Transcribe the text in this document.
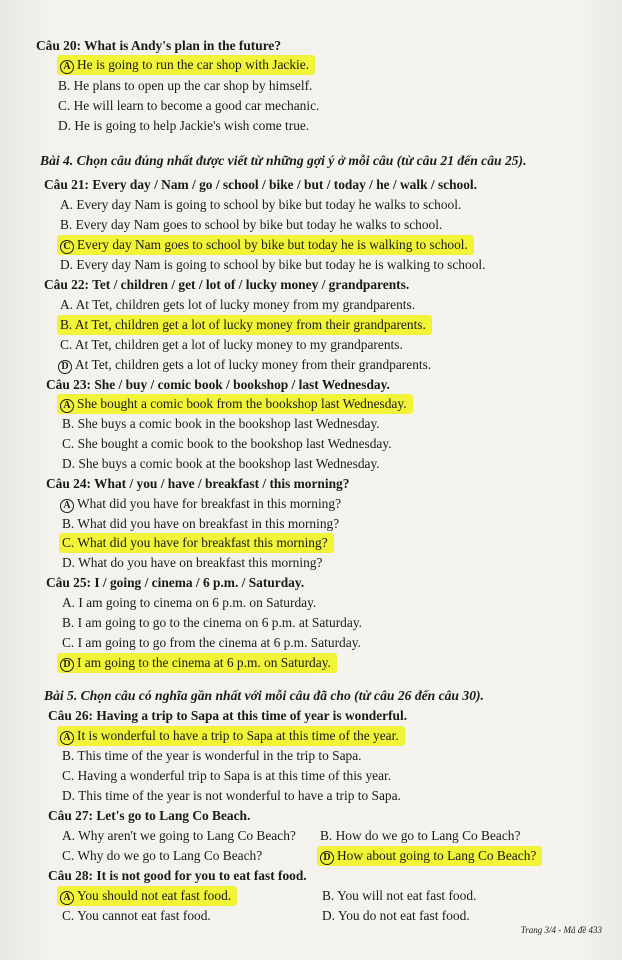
Câu 20: What is Andy's plan in the future?
A He is going to run the car shop with Jackie.
B. He plans to open up the car shop by himself.
C. He will learn to become a good car mechanic.
D. He is going to help Jackie's wish come true.
Bài 4. Chọn câu đúng nhất được viết từ những gợi ý ở mỗi câu (từ câu 21 đến câu 25).
Câu 21: Every day / Nam / go / school / bike / but / today / he / walk / school.
A. Every day Nam is going to school by bike but today he walks to school.
B. Every day Nam goes to school by bike but today he walks to school.
C Every day Nam goes to school by bike but today he is walking to school.
D. Every day Nam is going to school by bike but today he is walking to school.
Câu 22: Tet / children / get / lot of / lucky money / grandparents.
A. At Tet, children gets lot of lucky money from my grandparents.
B. At Tet, children get a lot of lucky money from their grandparents.
C. At Tet, children get a lot of lucky money to my grandparents.
D At Tet, children gets a lot of lucky money from their grandparents.
Câu 23: She / buy / comic book / bookshop / last Wednesday.
A She bought a comic book from the bookshop last Wednesday.
B. She buys a comic book in the bookshop last Wednesday.
C. She bought a comic book to the bookshop last Wednesday.
D. She buys a comic book at the bookshop last Wednesday.
Câu 24: What / you / have / breakfast / this morning?
A What did you have for breakfast in this morning?
B. What did you have on breakfast in this morning?
C. What did you have for breakfast this morning?
D. What do you have on breakfast this morning?
Câu 25: I / going / cinema / 6 p.m. / Saturday.
A. I am going to cinema on 6 p.m. on Saturday.
B. I am going to go to the cinema on 6 p.m. at Saturday.
C. I am going to go from the cinema at 6 p.m. Saturday.
D I am going to the cinema at 6 p.m. on Saturday.
Bài 5. Chọn câu có nghĩa gần nhất với mỗi câu đã cho (từ câu 26 đến câu 30).
Câu 26: Having a trip to Sapa at this time of year is wonderful.
A It is wonderful to have a trip to Sapa at this time of the year.
B. This time of the year is wonderful in the trip to Sapa.
C. Having a wonderful trip to Sapa is at this time of this year.
D. This time of the year is not wonderful to have a trip to Sapa.
Câu 27: Let's go to Lang Co Beach.
A. Why aren't we going to Lang Co Beach? B. How do we go to Lang Co Beach?
C. Why do we go to Lang Co Beach?	D How about going to Lang Co Beach?
Câu 28: It is not good for you to eat fast food.
A You should not eat fast food.	B. You will not eat fast food.
C. You cannot eat fast food.	D. You do not eat fast food.
Trang 3/4 - Mã đề 433
